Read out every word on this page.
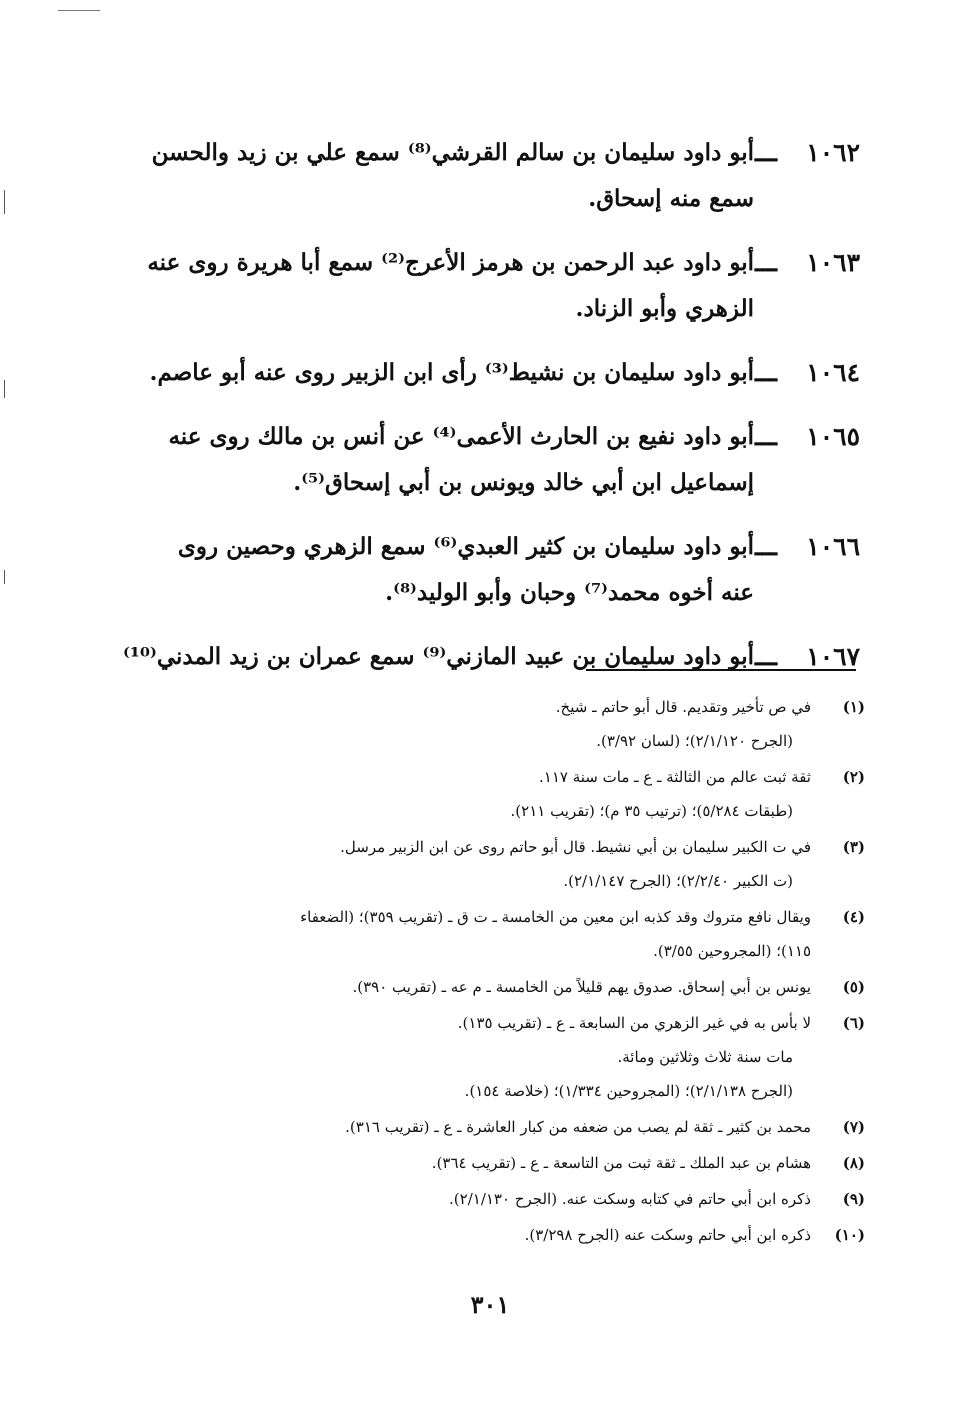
١٠٦٢
ـــ
أبو داود سليمان بن سالم القرشي⁽⁸⁾ سمع علي بن زيد والحسن
سمع منه إسحاق.
١٠٦٣
ـــ
أبو داود عبد الرحمن بن هرمز الأعرج⁽²⁾ سمع أبا هريرة روى عنه
الزهري وأبو الزناد.
١٠٦٤
ـــ
أبو داود سليمان بن نشيط⁽³⁾ رأى ابن الزبير روى عنه أبو عاصم.
١٠٦٥
ـــ
أبو داود نفيع بن الحارث الأعمى⁽⁴⁾ عن أنس بن مالك روى عنه
إسماعيل ابن أبي خالد ويونس بن أبي إسحاق⁽⁵⁾.
١٠٦٦
ـــ
أبو داود سليمان بن كثير العبدي⁽⁶⁾ سمع الزهري وحصين روى
عنه أخوه محمد⁽⁷⁾ وحبان وأبو الوليد⁽⁸⁾.
١٠٦٧
ـــ
أبو داود سليمان بن عبيد المازني⁽⁹⁾ سمع عمران بن زيد المدني⁽¹⁰⁾
(١)
في ص تأخير وتقديم. قال أبو حاتم ـ شيخ.
(الجرح ٢/١/١٢٠)؛ (لسان ٣/٩٢).
(٢)
ثقة ثبت عالم من الثالثة ـ ع ـ مات سنة ١١٧.
(طبقات ٥/٢٨٤)؛ (ترتيب ٣٥ م)؛ (تقريب ٢١١).
(٣)
في ت الكبير سليمان بن أبي نشيط. قال أبو حاتم روى عن ابن الزبير مرسل.
(ت الكبير ٢/٢/٤٠)؛ (الجرح ٢/١/١٤٧).
(٤)
ويقال نافع متروك وقد كذبه ابن معين من الخامسة ـ ت ق ـ (تقريب ٣٥٩)؛ (الضعفاء
١١٥)؛ (المجروحين ٣/٥٥).
(٥)
يونس بن أبي إسحاق. صدوق يهم قليلاً من الخامسة ـ م عه ـ (تقريب ٣٩٠).
(٦)
لا بأس به في غير الزهري من السابعة ـ ع ـ (تقريب ١٣٥).
مات سنة ثلاث وثلاثين ومائة.
(الجرح ٢/١/١٣٨)؛ (المجروحين ١/٣٣٤)؛ (خلاصة ١٥٤).
(٧)
محمد بن كثير ـ ثقة لم يصب من ضعفه من كبار العاشرة ـ ع ـ (تقريب ٣١٦).
(٨)
هشام بن عبد الملك ـ ثقة ثبت من التاسعة ـ ع ـ (تقريب ٣٦٤).
(٩)
ذكره ابن أبي حاتم في كتابه وسكت عنه. (الجرح ٢/١/١٣٠).
(١٠)
ذكره ابن أبي حاتم وسكت عنه (الجرح ٣/٢٩٨).
٣٠١
